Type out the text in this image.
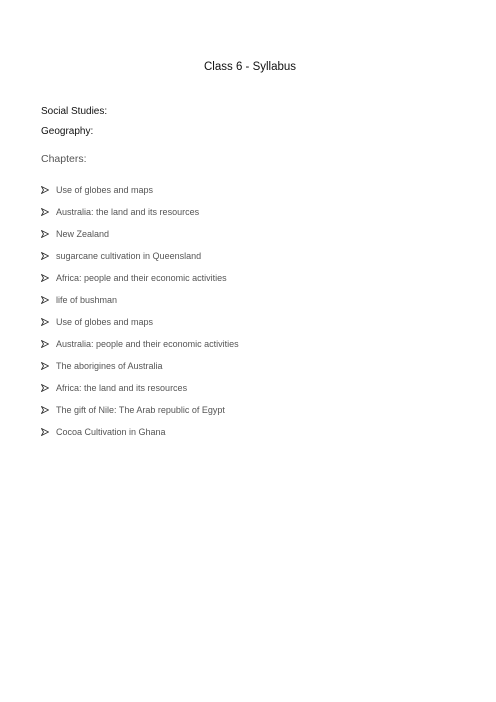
Class 6 - Syllabus
Social Studies:
Geography:
Chapters:
Use of globes and maps
Australia: the land and its resources
New Zealand
sugarcane cultivation in Queensland
Africa: people and their economic activities
life of bushman
Use of globes and maps
Australia: people and their economic activities
The aborigines of Australia
Africa: the land and its resources
The gift of Nile: The Arab republic of Egypt
Cocoa Cultivation in Ghana
